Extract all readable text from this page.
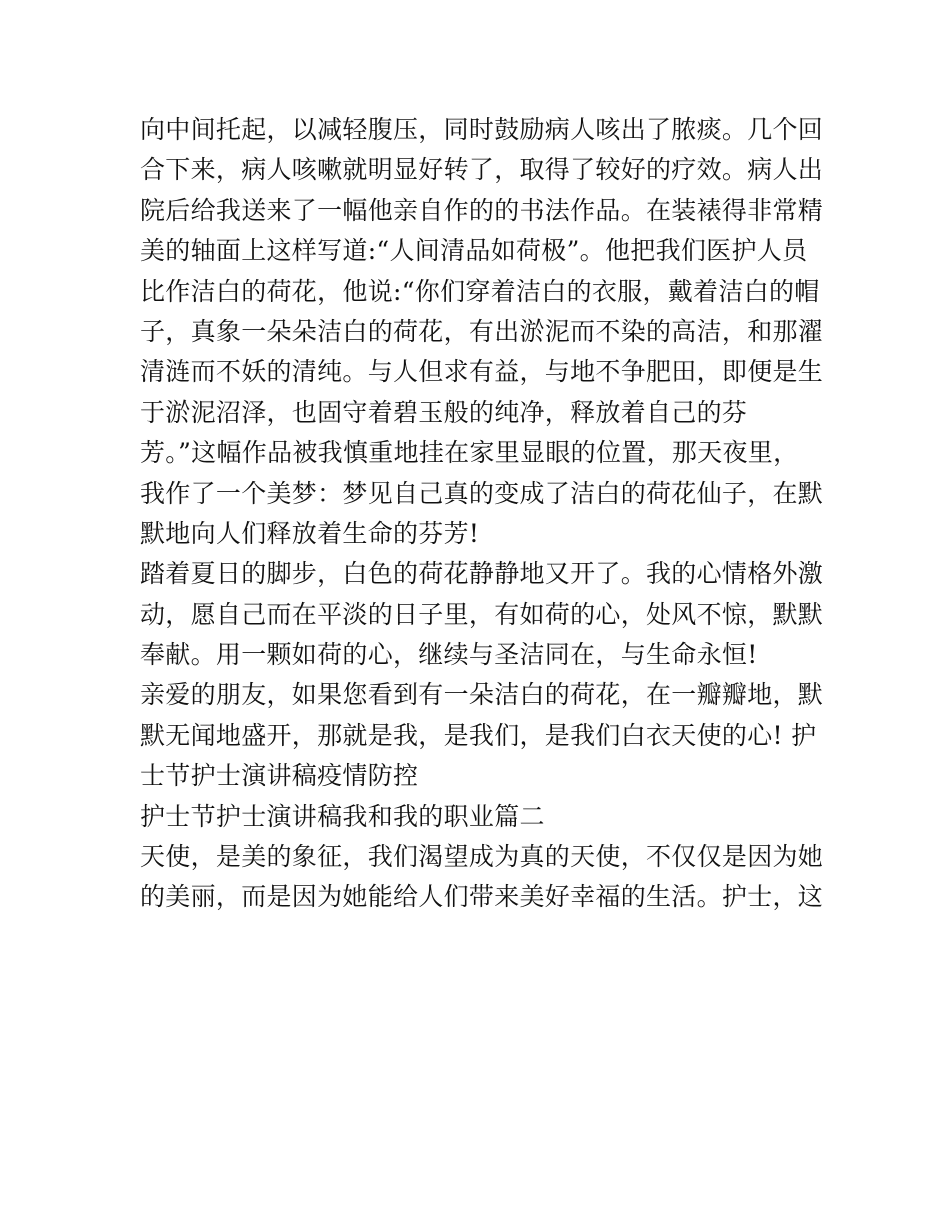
向中间托起，以减轻腹压，同时鼓励病人咳出了脓痰。几个回
合下来，病人咳嗽就明显好转了，取得了较好的疗效。病人出
院后给我送来了一幅他亲自作的的书法作品。在装裱得非常精
美的轴面上这样写道:“人间清品如荷极”。他把我们医护人员
比作洁白的荷花，他说:“你们穿着洁白的衣服，戴着洁白的帽
子，真象一朵朵洁白的荷花，有出淤泥而不染的高洁，和那濯
清涟而不妖的清纯。与人但求有益，与地不争肥田，即便是生
于淤泥沼泽，也固守着碧玉般的纯净，释放着自己的芬
芳。”这幅作品被我慎重地挂在家里显眼的位置，那天夜里，
我作了一个美梦：梦见自己真的变成了洁白的荷花仙子，在默
默地向人们释放着生命的芬芳!
踏着夏日的脚步，白色的荷花静静地又开了。我的心情格外激
动，愿自己而在平淡的日子里，有如荷的心，处风不惊，默默
奉献。用一颗如荷的心，继续与圣洁同在，与生命永恒!
亲爱的朋友，如果您看到有一朵洁白的荷花，在一瓣瓣地，默
默无闻地盛开，那就是我，是我们，是我们白衣天使的心! 护
士节护士演讲稿疫情防控
护士节护士演讲稿我和我的职业篇二
天使，是美的象征，我们渴望成为真的天使，不仅仅是因为她
的美丽，而是因为她能给人们带来美好幸福的生活。护士，这
